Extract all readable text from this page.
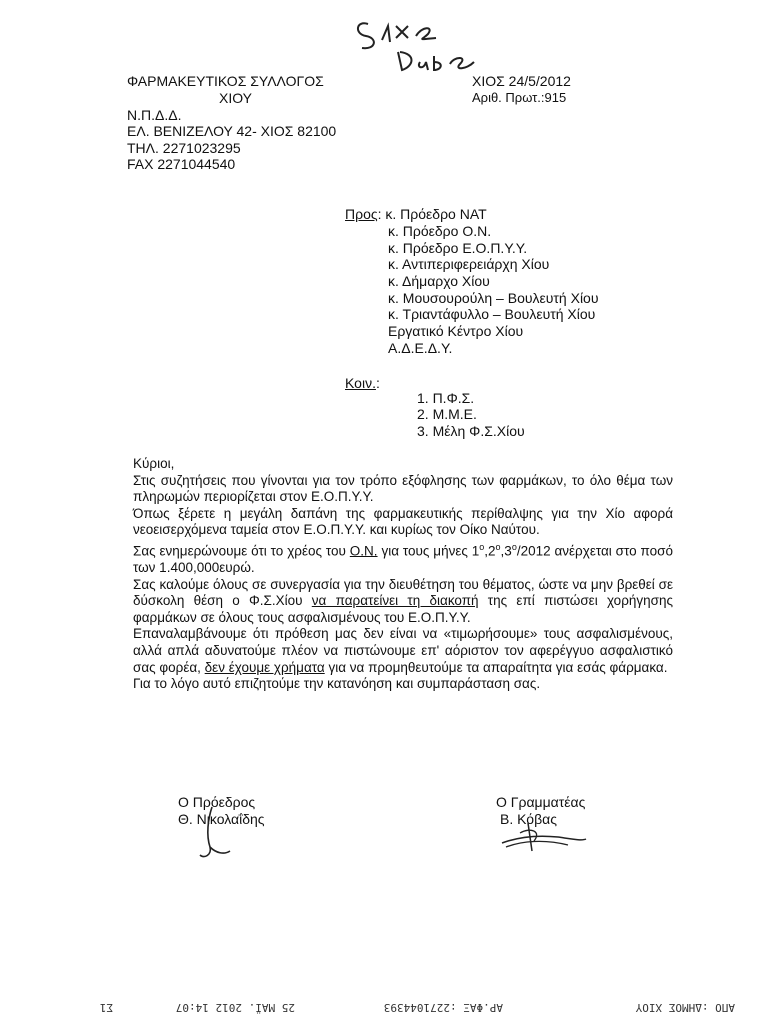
ΦΑΡΜΑΚΕΥΤΙΚΟΣ ΣΥΛΛΟΓΟΣ
ΧΙΟΥ
Ν.Π.Δ.Δ.
ΕΛ. ΒΕΝΙΖΕΛΟΥ 42- ΧΙΟΣ 82100
ΤΗΛ. 2271023295
FAX 2271044540
ΧΙΟΣ 24/5/2012
Αριθ. Πρωτ.:915
Προς: κ. Πρόεδρο ΝΑΤ
κ. Πρόεδρο Ο.Ν.
κ. Πρόεδρο Ε.Ο.Π.Υ.Υ.
κ. Αντιπεριφερειάρχη Χίου
κ. Δήμαρχο Χίου
κ. Μουσουρούλη – Βουλευτή Χίου
κ. Τριαντάφυλλο – Βουλευτή Χίου
Εργατικό Κέντρο Χίου
Α.Δ.Ε.Δ.Υ.
Κοιν.:
1. Π.Φ.Σ.
2. Μ.Μ.Ε.
3. Μέλη Φ.Σ.Χίου

Κύριοι,

Στις συζητήσεις που γίνονται για τον τρόπο εξόφλησης των φαρμάκων, το όλο θέμα των πληρωμών περιορίζεται στον Ε.Ο.Π.Υ.Υ.

Όπως ξέρετε η μεγάλη δαπάνη της φαρμακευτικής περίθαλψης για την Χίο αφορά νεοεισερχόμενα ταμεία στον Ε.Ο.Π.Υ.Υ. και κυρίως τον Οίκο Ναύτου.

Σας ενημερώνουμε ότι το χρέος του Ο.Ν. για τους μήνες $1^o,2^o,3^o/2012$ ανέρχεται στο ποσό των 1.400,000ευρώ.

Σας καλούμε όλους σε συνεργασία για την διευθέτηση του θέματος, ώστε να μην βρεθεί σε δύσκολη θέση ο Φ.Σ.Χίου να παρατείνει τη διακοπή της επί πιστώσει χορήγησης φαρμάκων σε όλους τους ασφαλισμένους του Ε.Ο.Π.Υ.Υ.

Επαναλαμβάνουμε ότι πρόθεση μας δεν είναι να «τιμωρήσουμε» τους ασφαλισμένους, αλλά απλά αδυνατούμε πλέον να πιστώνουμε επ' αόριστον τον αφερέγγυο ασφαλιστικό σας φορέα, δεν έχουμε χρήματα για να προμηθευτούμε τα απαραίτητα για εσάς φάρμακα.

Για το λόγο αυτό επιζητούμε την κατανόηση και συμπαράσταση σας.

Ο Πρόεδρος
Θ. Νικολαΐδης
Ο Γραμματέας
Β. Κόβας
ΑΠΟ :ΔΗΜΟΣ ΧΙΟΥ
ΑΡ.ΦΑΞ :2271044393
25 ΜΑΪ. 2012 14:07
Σ1
